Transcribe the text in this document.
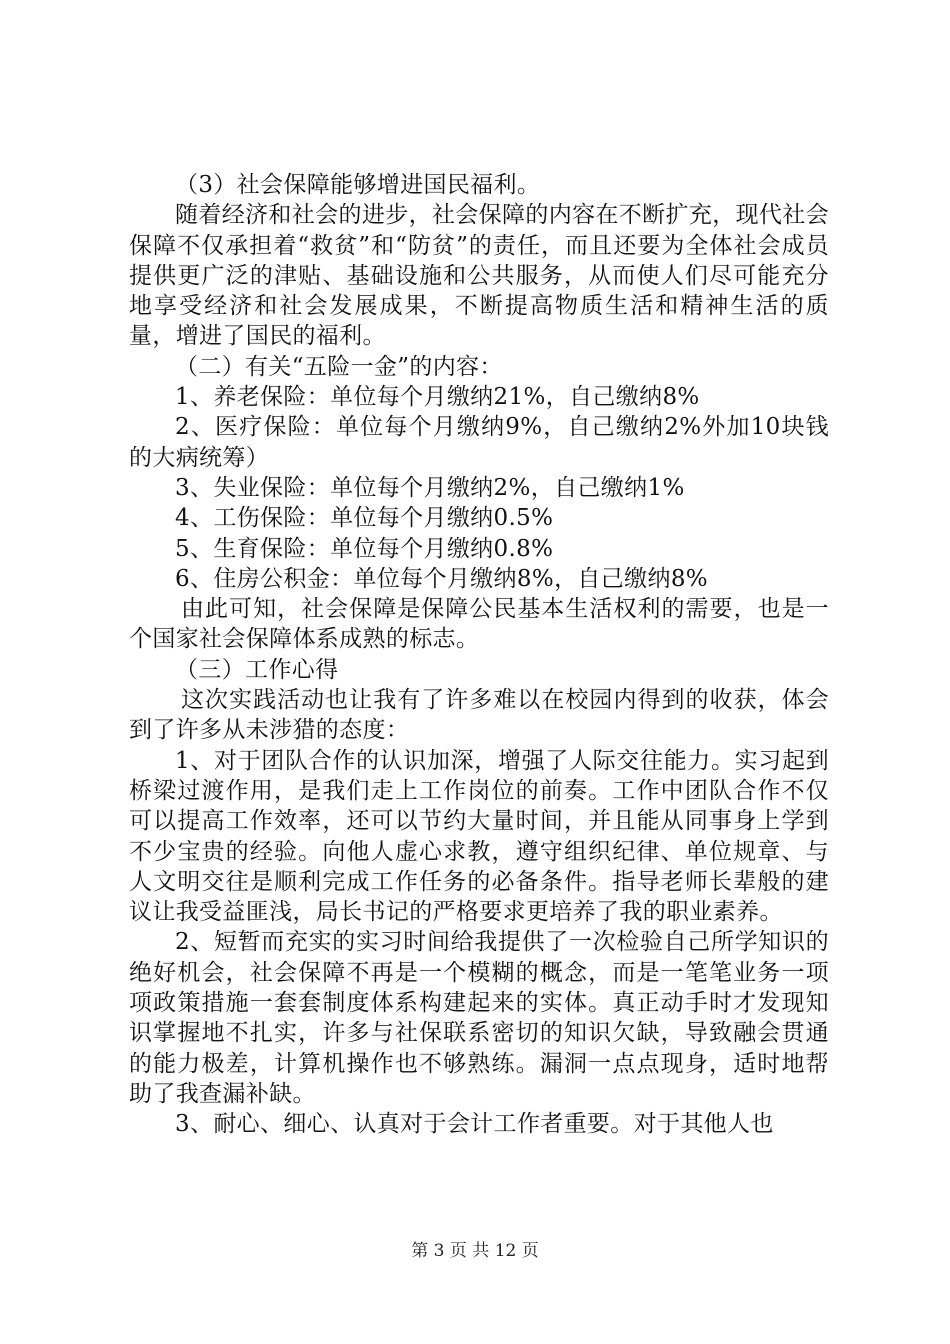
（3）社会保障能够增进国民福利。

随着经济和社会的进步，社会保障的内容在不断扩充，现代社会保障不仅承担着“救贫”和“防贫”的责任，而且还要为全体社会成员提供更广泛的津贴、基础设施和公共服务，从而使人们尽可能充分地享受经济和社会发展成果，不断提高物质生活和精神生活的质量，增进了国民的福利。

（二）有关“五险一金”的内容：

1、养老保险：单位每个月缴纳21%，自己缴纳8%

2、医疗保险：单位每个月缴纳9%，自己缴纳2%外加10块钱的大病统筹）

3、失业保险：单位每个月缴纳2%，自己缴纳1%

4、工伤保险：单位每个月缴纳0.5%

5、生育保险：单位每个月缴纳0.8%

6、住房公积金：单位每个月缴纳8%，自己缴纳8%

由此可知，社会保障是保障公民基本生活权利的需要，也是一个国家社会保障体系成熟的标志。

（三）工作心得

这次实践活动也让我有了许多难以在校园内得到的收获，体会到了许多从未涉猎的态度：

1、对于团队合作的认识加深，增强了人际交往能力。实习起到桥梁过渡作用，是我们走上工作岗位的前奏。工作中团队合作不仅可以提高工作效率，还可以节约大量时间，并且能从同事身上学到不少宝贵的经验。向他人虚心求教，遵守组织纪律、单位规章、与人文明交往是顺利完成工作任务的必备条件。指导老师长辈般的建议让我受益匪浅，局长书记的严格要求更培养了我的职业素养。

2、短暂而充实的实习时间给我提供了一次检验自己所学知识的绝好机会，社会保障不再是一个模糊的概念，而是一笔笔业务一项项政策措施一套套制度体系构建起来的实体。真正动手时才发现知识掌握地不扎实，许多与社保联系密切的知识欠缺，导致融会贯通的能力极差，计算机操作也不够熟练。漏洞一点点现身，适时地帮助了我查漏补缺。

3、耐心、细心、认真对于会计工作者重要。对于其他人也

第 3 页 共 12 页
